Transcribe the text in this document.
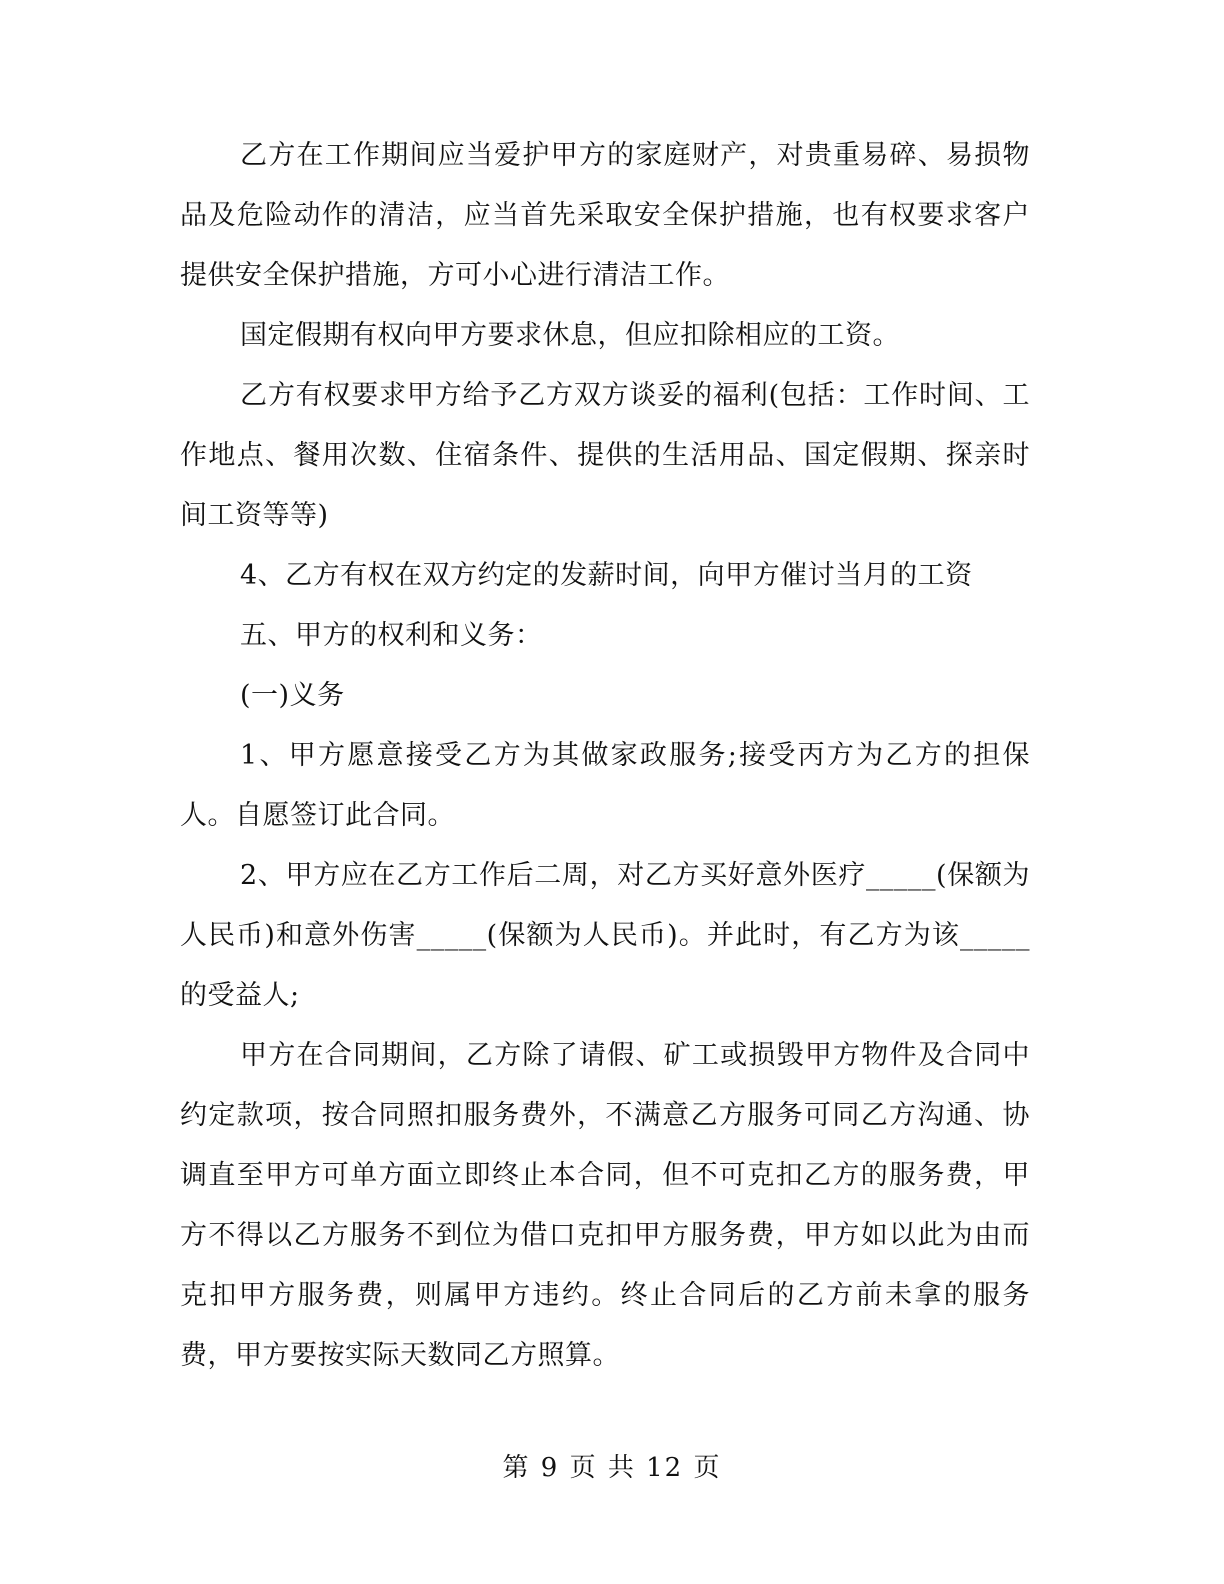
乙方在工作期间应当爱护甲方的家庭财产，对贵重易碎、易损物品及危险动作的清洁，应当首先采取安全保护措施，也有权要求客户提供安全保护措施，方可小心进行清洁工作。

国定假期有权向甲方要求休息，但应扣除相应的工资。

乙方有权要求甲方给予乙方双方谈妥的福利(包括：工作时间、工作地点、餐用次数、住宿条件、提供的生活用品、国定假期、探亲时间工资等等)

4、乙方有权在双方约定的发薪时间，向甲方催讨当月的工资

五、甲方的权利和义务：

(一)义务

1、甲方愿意接受乙方为其做家政服务;接受丙方为乙方的担保人。自愿签订此合同。

2、甲方应在乙方工作后二周，对乙方买好意外医疗_____(保额为人民币)和意外伤害_____(保额为人民币)。并此时，有乙方为该_____的受益人;

甲方在合同期间，乙方除了请假、矿工或损毁甲方物件及合同中约定款项，按合同照扣服务费外，不满意乙方服务可同乙方沟通、协调直至甲方可单方面立即终止本合同，但不可克扣乙方的服务费，甲方不得以乙方服务不到位为借口克扣甲方服务费，甲方如以此为由而克扣甲方服务费，则属甲方违约。终止合同后的乙方前未拿的服务费，甲方要按实际天数同乙方照算。

第 9 页 共 12 页
